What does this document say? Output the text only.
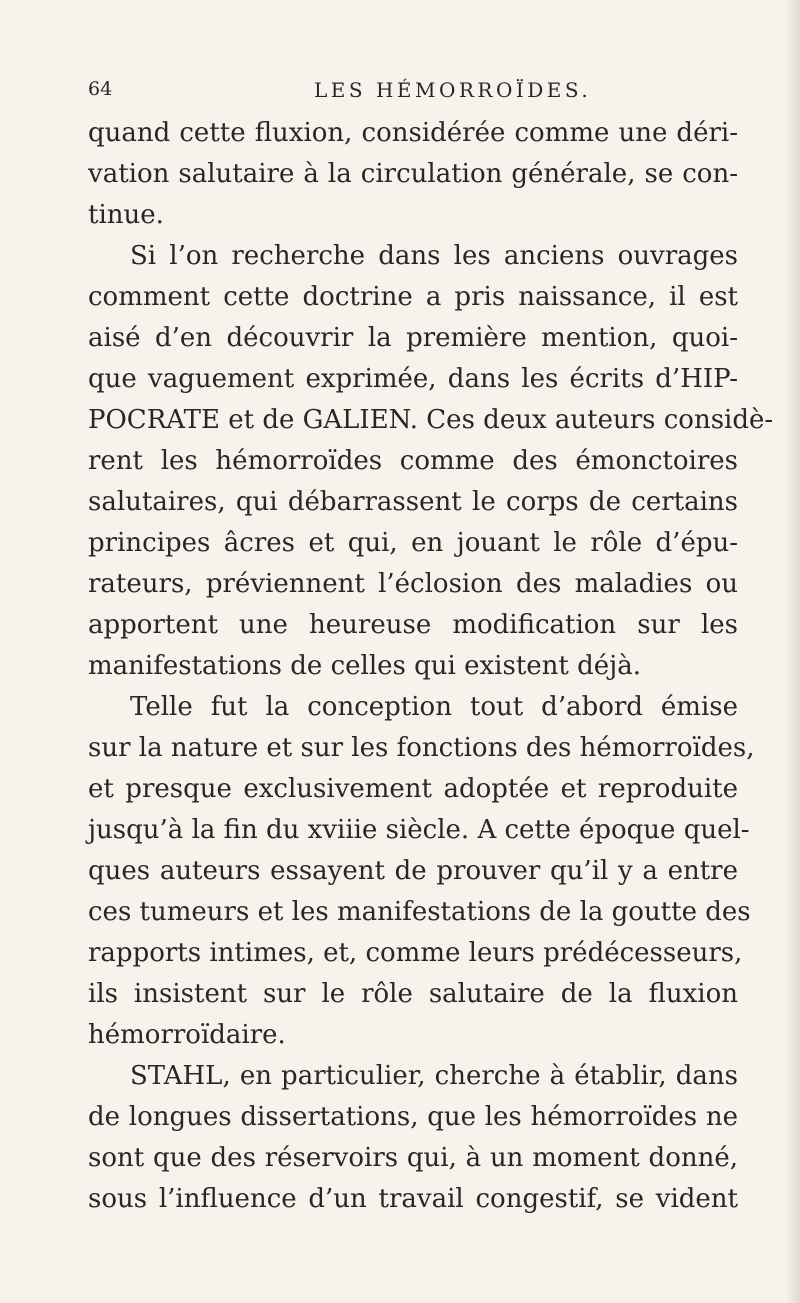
64	LES HÉMORROÏDES.
quand cette fluxion, considérée comme une déri-
vation salutaire à la circulation générale, se con-
tinue.
Si l’on recherche dans les anciens ouvrages
comment cette doctrine a pris naissance, il est
aisé d’en découvrir la première mention, quoi-
que vaguement exprimée, dans les écrits d’HIP-
POCRATE et de GALIEN. Ces deux auteurs considè-
rent les hémorroïdes comme des émonctoires
salutaires, qui débarrassent le corps de certains
principes âcres et qui, en jouant le rôle d’épu-
rateurs, préviennent l’éclosion des maladies ou
apportent une heureuse modification sur les
manifestations de celles qui existent déjà.
Telle fut la conception tout d’abord émise
sur la nature et sur les fonctions des hémorroïdes,
et presque exclusivement adoptée et reproduite
jusqu’à la fin du xviiie siècle. A cette époque quel-
ques auteurs essayent de prouver qu’il y a entre
ces tumeurs et les manifestations de la goutte des
rapports intimes, et, comme leurs prédécesseurs,
ils insistent sur le rôle salutaire de la fluxion
hémorroïdaire.
STAHL, en particulier, cherche à établir, dans
de longues dissertations, que les hémorroïdes ne
sont que des réservoirs qui, à un moment donné,
sous l’influence d’un travail congestif, se vident
